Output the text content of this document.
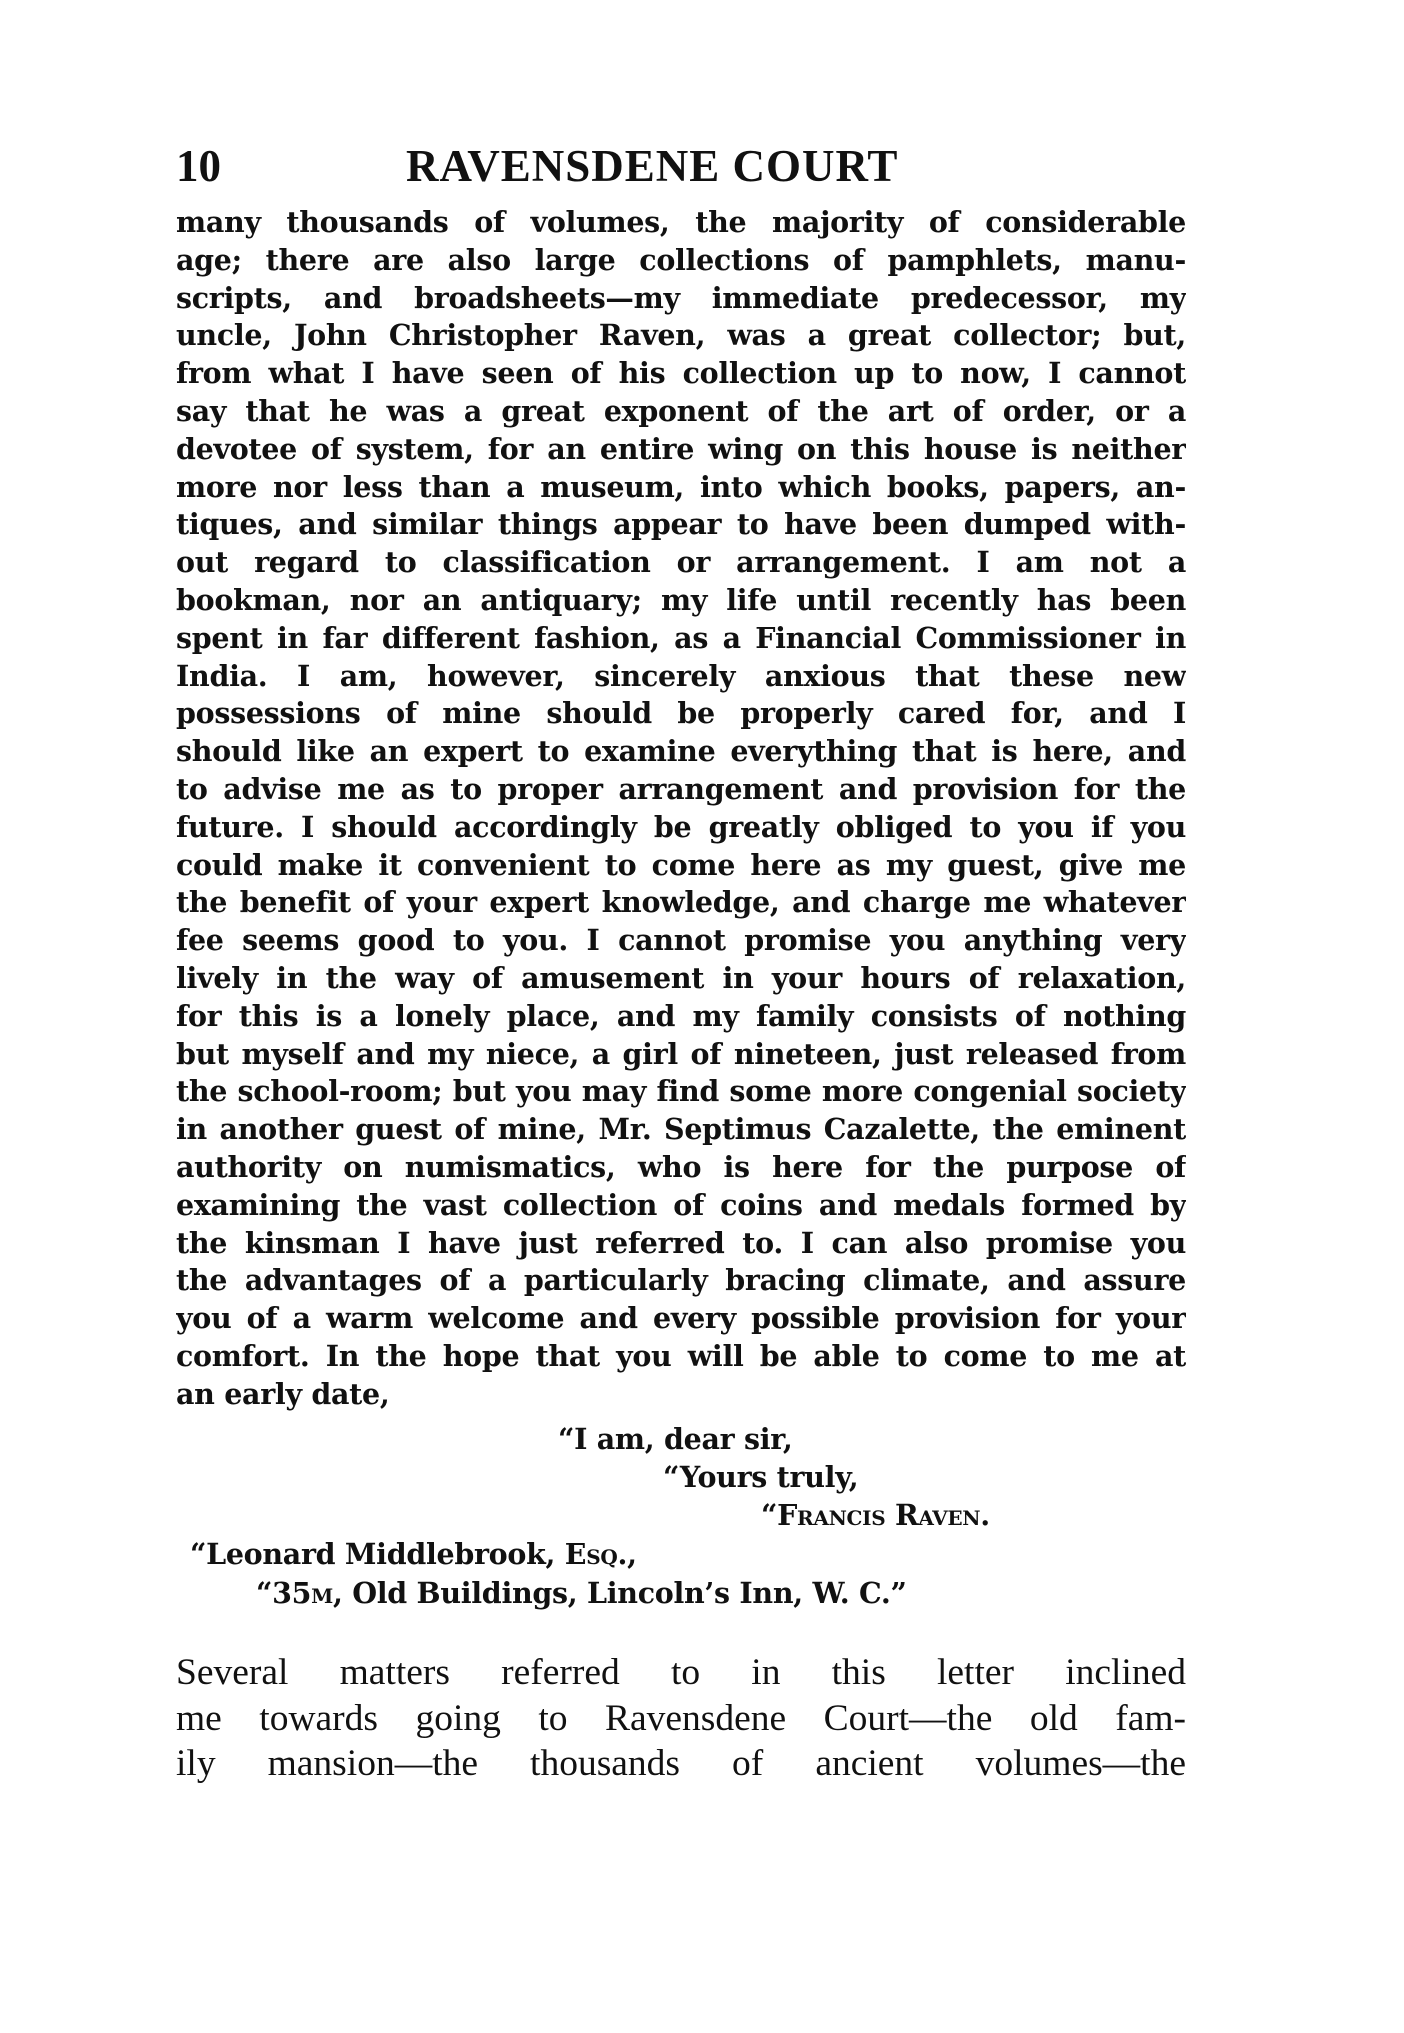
10	RAVENSDENE COURT
many thousands of volumes, the majority of considerable
age; there are also large collections of pamphlets, manu-
scripts, and broadsheets—my immediate predecessor, my
uncle, John Christopher Raven, was a great collector; but,
from what I have seen of his collection up to now, I cannot
say that he was a great exponent of the art of order, or a
devotee of system, for an entire wing on this house is neither
more nor less than a museum, into which books, papers, an-
tiques, and similar things appear to have been dumped with-
out regard to classification or arrangement. I am not a
bookman, nor an antiquary; my life until recently has been
spent in far different fashion, as a Financial Commissioner in
India. I am, however, sincerely anxious that these new
possessions of mine should be properly cared for, and I
should like an expert to examine everything that is here, and
to advise me as to proper arrangement and provision for the
future. I should accordingly be greatly obliged to you if you
could make it convenient to come here as my guest, give me
the benefit of your expert knowledge, and charge me whatever
fee seems good to you. I cannot promise you anything very
lively in the way of amusement in your hours of relaxation,
for this is a lonely place, and my family consists of nothing
but myself and my niece, a girl of nineteen, just released from
the school-room; but you may find some more congenial society
in another guest of mine, Mr. Septimus Cazalette, the eminent
authority on numismatics, who is here for the purpose of
examining the vast collection of coins and medals formed by
the kinsman I have just referred to. I can also promise you
the advantages of a particularly bracing climate, and assure
you of a warm welcome and every possible provision for your
comfort. In the hope that you will be able to come to me at
an early date,
“I am, dear sir,
“Yours truly,
“Francis Raven.
“Leonard Middlebrook, Esq.,
“35m, Old Buildings, Lincoln’s Inn, W. C.”
Several matters referred to in this letter inclined
me towards going to Ravensdene Court—the old fam-
ily mansion—the thousands of ancient volumes—the
